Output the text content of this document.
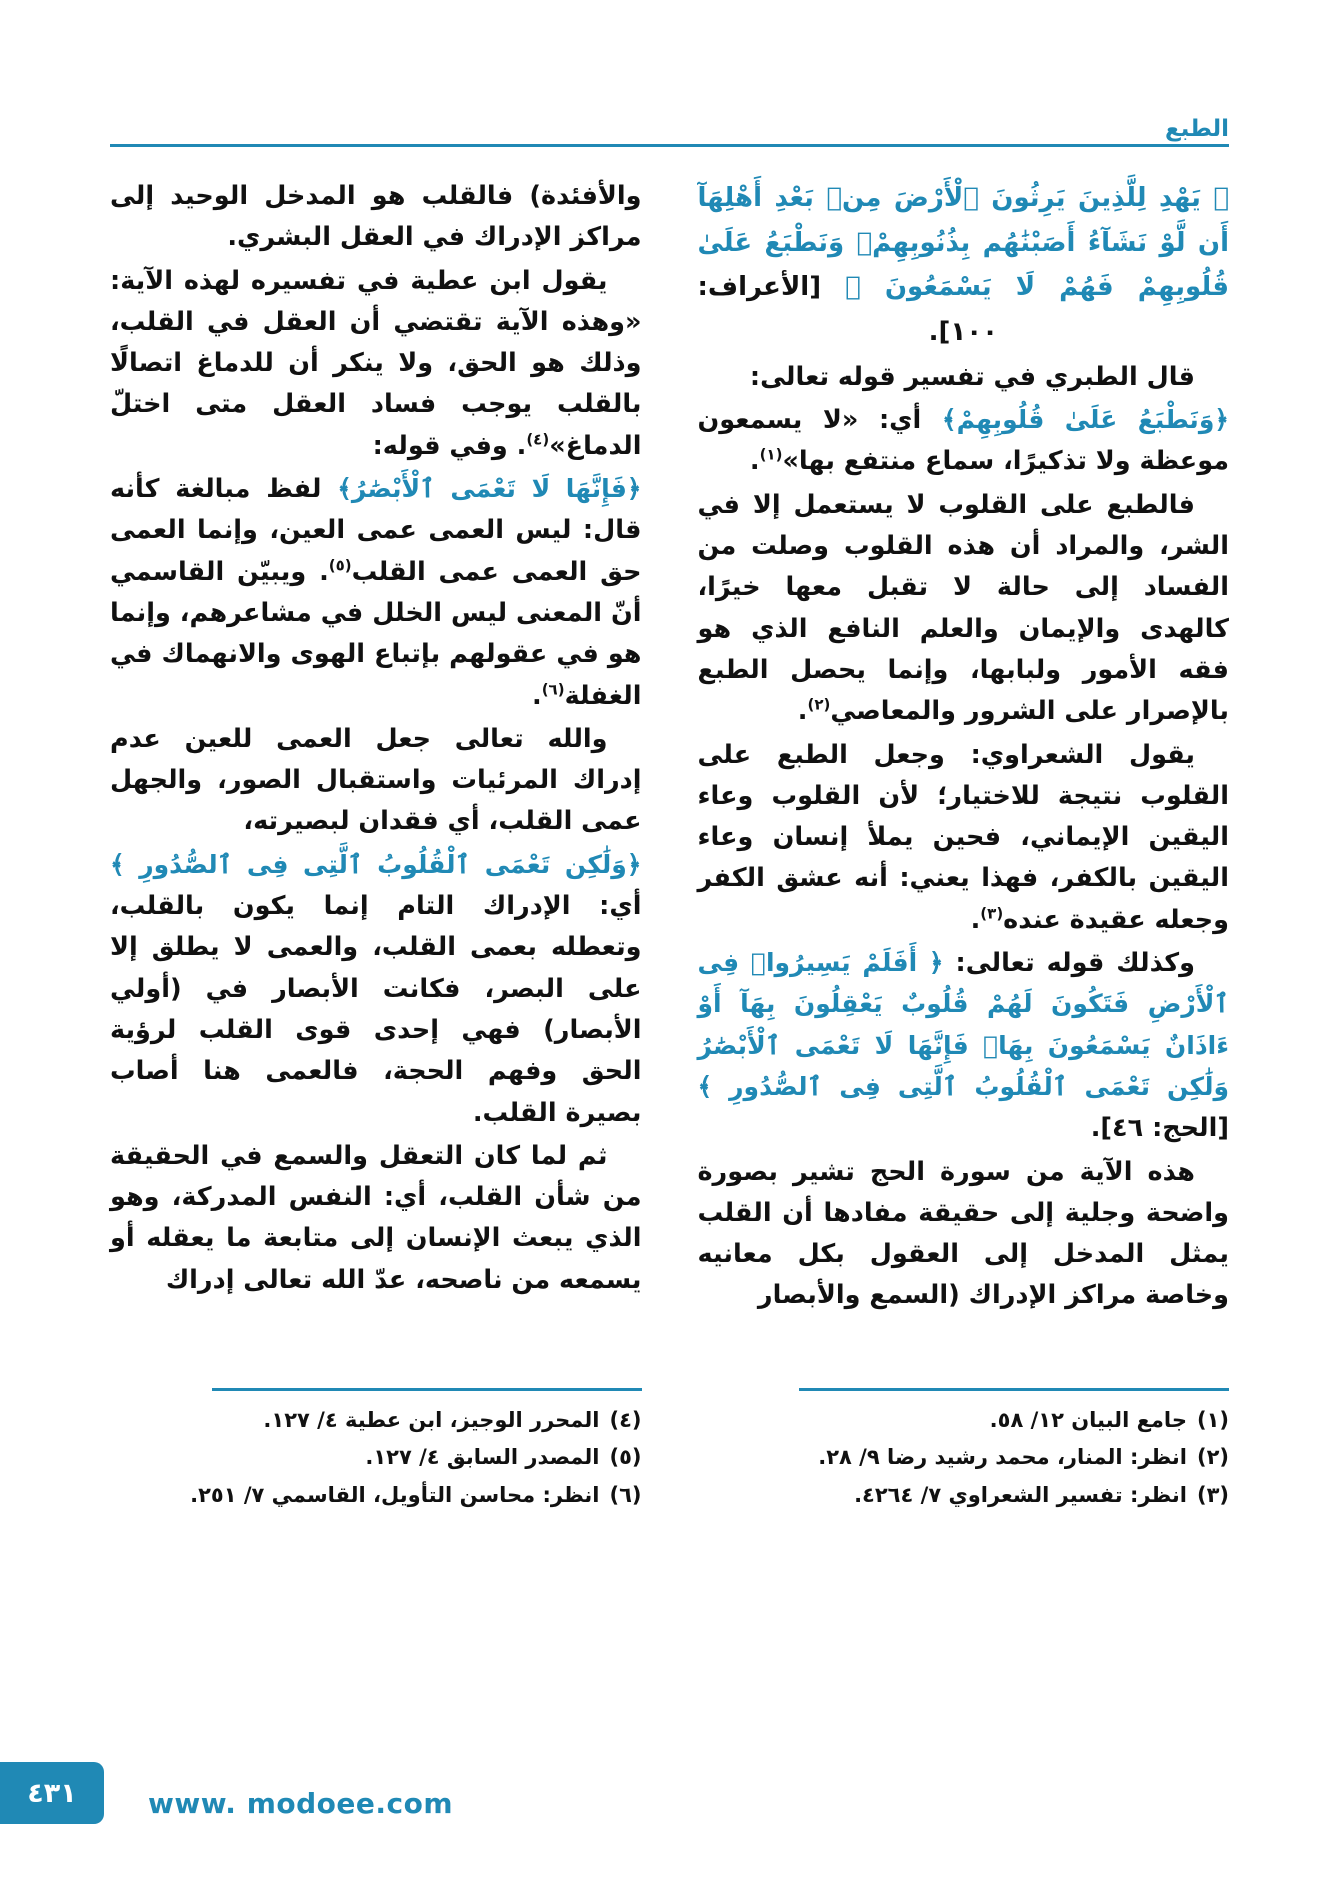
الطبع

﴿ يَهْدِ لِلَّذِينَ يَرِثُونَ ٱلْأَرْضَ مِنۢ بَعْدِ أَهْلِهَآ أَن لَّوْ نَشَآءُ أَصَبْنَٰهُم بِذُنُوبِهِمْۚ وَنَطْبَعُ عَلَىٰ قُلُوبِهِمْ فَهُمْ لَا يَسْمَعُونَ ﴾ [الأعراف: ١٠٠].

قال الطبري في تفسير قوله تعالى:

﴿وَنَطْبَعُ عَلَىٰ قُلُوبِهِمْ﴾ أي: «لا يسمعون موعظة ولا تذكيرًا، سماع منتفع بها»$^{(١)}$.

فالطبع على القلوب لا يستعمل إلا في الشر، والمراد أن هذه القلوب وصلت من الفساد إلى حالة لا تقبل معها خيرًا، كالهدى والإيمان والعلم النافع الذي هو فقه الأمور ولبابها، وإنما يحصل الطبع بالإصرار على الشرور والمعاصي$^{(٢)}$.

يقول الشعراوي: وجعل الطبع على القلوب نتيجة للاختيار؛ لأن القلوب وعاء اليقين الإيماني، فحين يملأ إنسان وعاء اليقين بالكفر، فهذا يعني: أنه عشق الكفر وجعله عقيدة عنده$^{(٣)}$.

وكذلك قوله تعالى: ﴿ أَفَلَمْ يَسِيرُوا۟ فِى ٱلْأَرْضِ فَتَكُونَ لَهُمْ قُلُوبٌ يَعْقِلُونَ بِهَآ أَوْ ءَاذَانٌ يَسْمَعُونَ بِهَاۖ فَإِنَّهَا لَا تَعْمَى ٱلْأَبْصَٰرُ وَلَٰكِن تَعْمَى ٱلْقُلُوبُ ٱلَّتِى فِى ٱلصُّدُورِ ﴾ [الحج: ٤٦].

هذه الآية من سورة الحج تشير بصورة واضحة وجلية إلى حقيقة مفادها أن القلب يمثل المدخل إلى العقول بكل معانيه وخاصة مراكز الإدراك (السمع والأبصار

والأفئدة) فالقلب هو المدخل الوحيد إلى مراكز الإدراك في العقل البشري.

يقول ابن عطية في تفسيره لهذه الآية: «وهذه الآية تقتضي أن العقل في القلب، وذلك هو الحق، ولا ينكر أن للدماغ اتصالًا بالقلب يوجب فساد العقل متى اختلّ الدماغ»$^{(٤)}$. وفي قوله:

﴿فَإِنَّهَا لَا تَعْمَى ٱلْأَبْصَٰرُ﴾ لفظ مبالغة كأنه قال: ليس العمى عمى العين، وإنما العمى حق العمى عمى القلب$^{(٥)}$. ويبيّن القاسمي أنّ المعنى ليس الخلل في مشاعرهم، وإنما هو في عقولهم بإتباع الهوى والانهماك في الغفلة$^{(٦)}$.

والله تعالى جعل العمى للعين عدم إدراك المرئيات واستقبال الصور، والجهل عمى القلب، أي فقدان لبصيرته،

﴿وَلَٰكِن تَعْمَى ٱلْقُلُوبُ ٱلَّتِى فِى ٱلصُّدُورِ ﴾ أي: الإدراك التام إنما يكون بالقلب، وتعطله بعمى القلب، والعمى لا يطلق إلا على البصر، فكانت الأبصار في (أولي الأبصار) فهي إحدى قوى القلب لرؤية الحق وفهم الحجة، فالعمى هنا أصاب بصيرة القلب.

ثم لما كان التعقل والسمع في الحقيقة من شأن القلب، أي: النفس المدركة، وهو الذي يبعث الإنسان إلى متابعة ما يعقله أو يسمعه من ناصحه، عدّ الله تعالى إدراك

(١)جامع البيان ١٢/ ٥٨.
(٢)انظر: المنار، محمد رشيد رضا ٩/ ٢٨.
(٣)انظر: تفسير الشعراوي ٧/ ٤٢٦٤.
(٤)المحرر الوجيز، ابن عطية ٤/ ١٢٧.
(٥)المصدر السابق ٤/ ١٢٧.
(٦)انظر: محاسن التأويل، القاسمي ٧/ ٢٥١.
٤٣١	www. modoee.com
